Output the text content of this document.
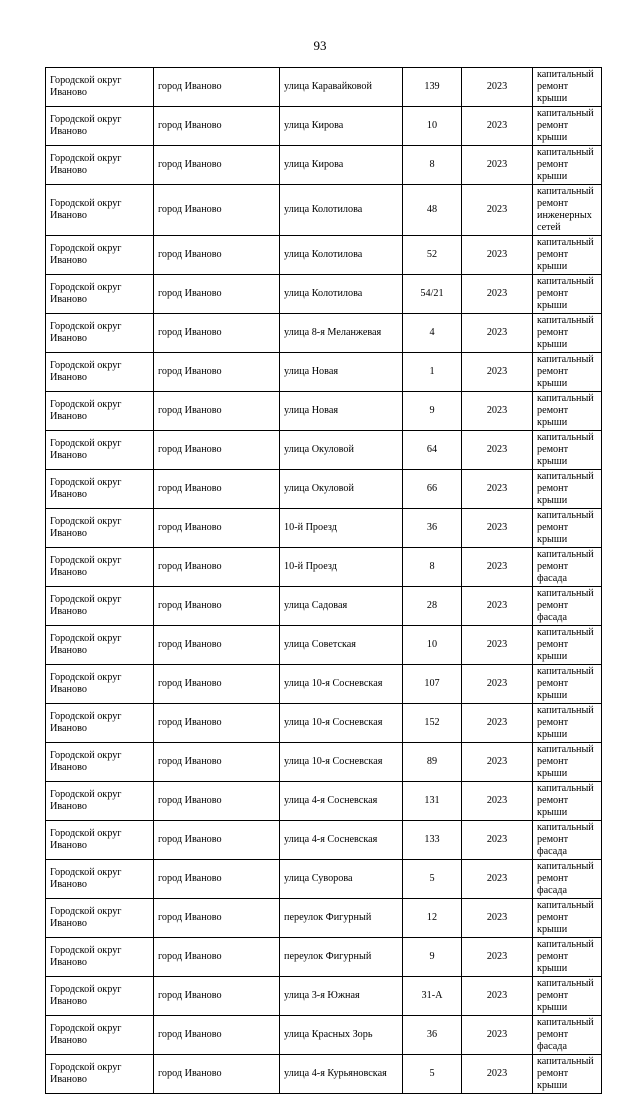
93
Городской округ Иваново	город Иваново	улица Каравайковой	139	2023	капитальный ремонт крыши
Городской округ Иваново	город Иваново	улица Кирова	10	2023	капитальный ремонт крыши
Городской округ Иваново	город Иваново	улица Кирова	8	2023	капитальный ремонт крыши
Городской округ Иваново	город Иваново	улица Колотилова	48	2023	капитальный ремонт инженерных сетей
Городской округ Иваново	город Иваново	улица Колотилова	52	2023	капитальный ремонт крыши
Городской округ Иваново	город Иваново	улица Колотилова	54/21	2023	капитальный ремонт крыши
Городской округ Иваново	город Иваново	улица 8-я Меланжевая	4	2023	капитальный ремонт крыши
Городской округ Иваново	город Иваново	улица Новая	1	2023	капитальный ремонт крыши
Городской округ Иваново	город Иваново	улица Новая	9	2023	капитальный ремонт крыши
Городской округ Иваново	город Иваново	улица Окуловой	64	2023	капитальный ремонт крыши
Городской округ Иваново	город Иваново	улица Окуловой	66	2023	капитальный ремонт крыши
Городской округ Иваново	город Иваново	10-й Проезд	36	2023	капитальный ремонт крыши
Городской округ Иваново	город Иваново	10-й Проезд	8	2023	капитальный ремонт фасада
Городской округ Иваново	город Иваново	улица Садовая	28	2023	капитальный ремонт фасада
Городской округ Иваново	город Иваново	улица Советская	10	2023	капитальный ремонт крыши
Городской округ Иваново	город Иваново	улица 10-я Сосневская	107	2023	капитальный ремонт крыши
Городской округ Иваново	город Иваново	улица 10-я Сосневская	152	2023	капитальный ремонт крыши
Городской округ Иваново	город Иваново	улица 10-я Сосневская	89	2023	капитальный ремонт крыши
Городской округ Иваново	город Иваново	улица 4-я Сосневская	131	2023	капитальный ремонт крыши
Городской округ Иваново	город Иваново	улица 4-я Сосневская	133	2023	капитальный ремонт фасада
Городской округ Иваново	город Иваново	улица Суворова	5	2023	капитальный ремонт фасада
Городской округ Иваново	город Иваново	переулок Фигурный	12	2023	капитальный ремонт крыши
Городской округ Иваново	город Иваново	переулок Фигурный	9	2023	капитальный ремонт крыши
Городской округ Иваново	город Иваново	улица 3-я Южная	31-А	2023	капитальный ремонт крыши
Городской округ Иваново	город Иваново	улица Красных Зорь	36	2023	капитальный ремонт фасада
Городской округ Иваново	город Иваново	улица 4-я Курьяновская	5	2023	капитальный ремонт крыши
